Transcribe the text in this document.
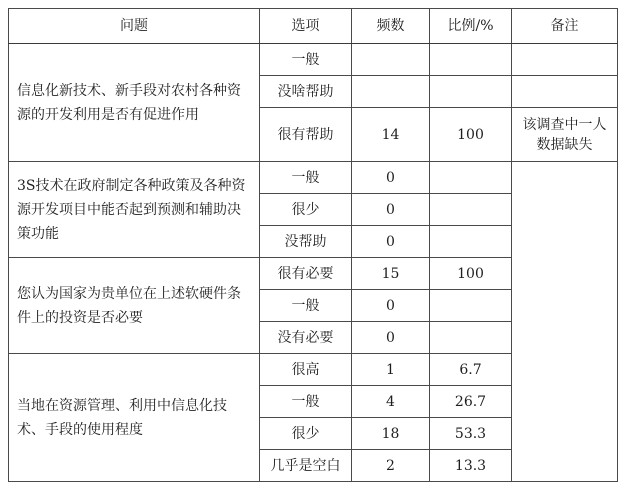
问题	选项	频数	比例/%	备注
信息化新技术、新手段对农村各种资源的开发利用是否有促进作用	一般			
	没啥帮助			
	很有帮助	14	100	该调查中一人数据缺失
3S技术在政府制定各种政策及各种资源开发项目中能否起到预测和辅助决策功能	一般	0		
	很少	0		
	没帮助	0		
您认为国家为贵单位在上述软硬件条件上的投资是否必要	很有必要	15	100	
	一般	0		
	没有必要	0		
当地在资源管理、利用中信息化技术、手段的使用程度	很高	1	6.7	
	一般	4	26.7	
	很少	18	53.3	
	几乎是空白	2	13.3	
